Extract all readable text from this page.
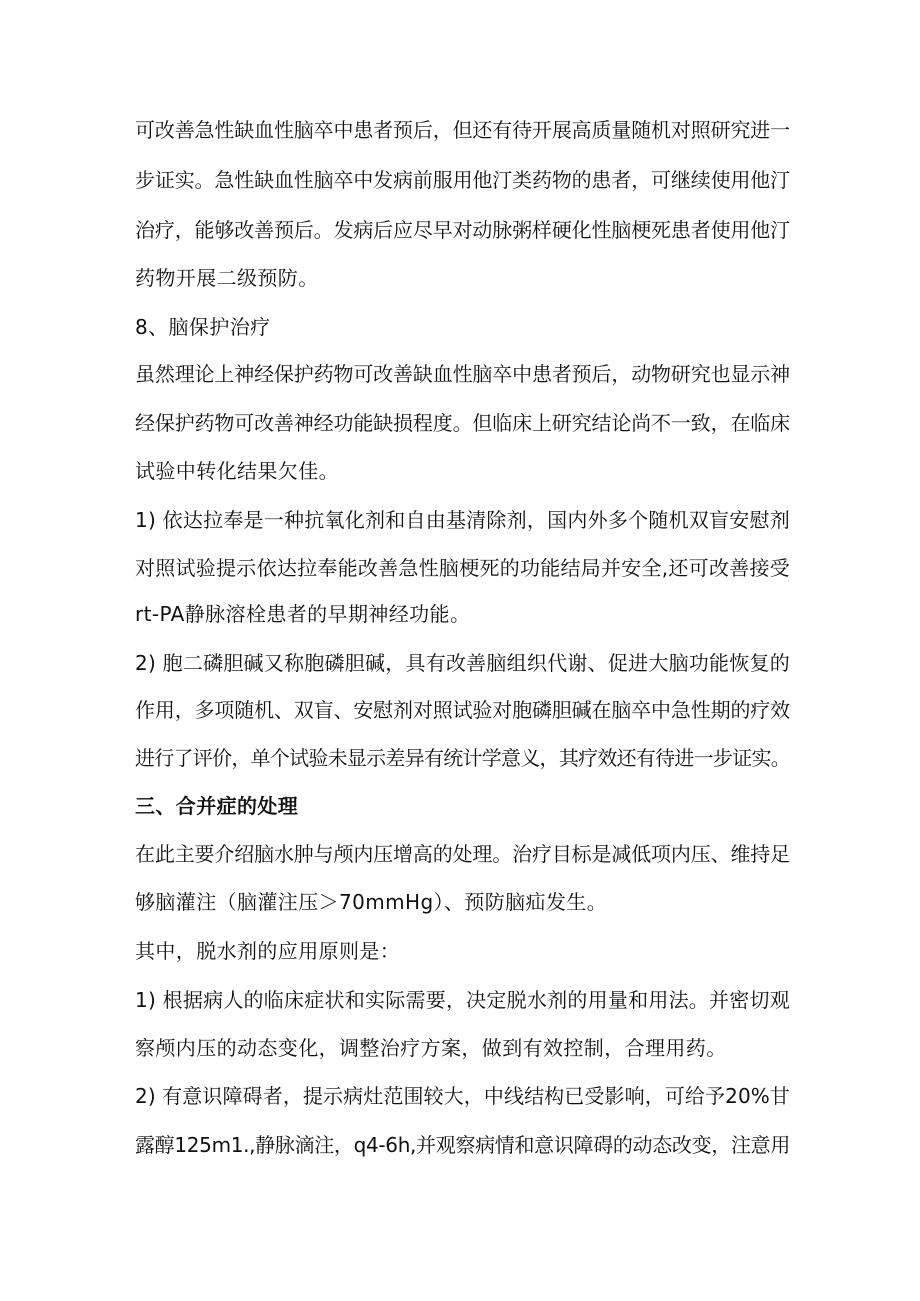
可改善急性缺血性脑卒中患者预后，但还有待开展高质量随机对照研究进一
步证实。急性缺血性脑卒中发病前服用他汀类药物的患者，可继续使用他汀
治疗，能够改善预后。发病后应尽早对动脉粥样硬化性脑梗死患者使用他汀
药物开展二级预防。
8、脑保护治疗
虽然理论上神经保护药物可改善缺血性脑卒中患者预后，动物研究也显示神
经保护药物可改善神经功能缺损程度。但临床上研究结论尚不一致，在临床
试验中转化结果欠佳。
1) 依达拉奉是一种抗氧化剂和自由基清除剂，国内外多个随机双盲安慰剂
对照试验提示依达拉奉能改善急性脑梗死的功能结局并安全,还可改善接受
rt-PA静脉溶栓患者的早期神经功能。
2) 胞二磷胆碱又称胞磷胆碱，具有改善脑组织代谢、促进大脑功能恢复的
作用，多项随机、双盲、安慰剂对照试验对胞磷胆碱在脑卒中急性期的疗效
进行了评价，单个试验未显示差异有统计学意义，其疗效还有待进一步证实。
三、合并症的处理
在此主要介绍脑水肿与颅内压增高的处理。治疗目标是减低项内压、维持足
够脑灌注（脑灌注压＞70mmHg）、预防脑疝发生。
其中，脱水剂的应用原则是：
1) 根据病人的临床症状和实际需要，决定脱水剂的用量和用法。并密切观
察颅内压的动态变化，调整治疗方案，做到有效控制，合理用药。
2) 有意识障碍者，提示病灶范围较大，中线结构已受影响，可给予20%甘
露醇125m1.,静脉滴注，q4-6h,并观察病情和意识障碍的动态改变，注意用
